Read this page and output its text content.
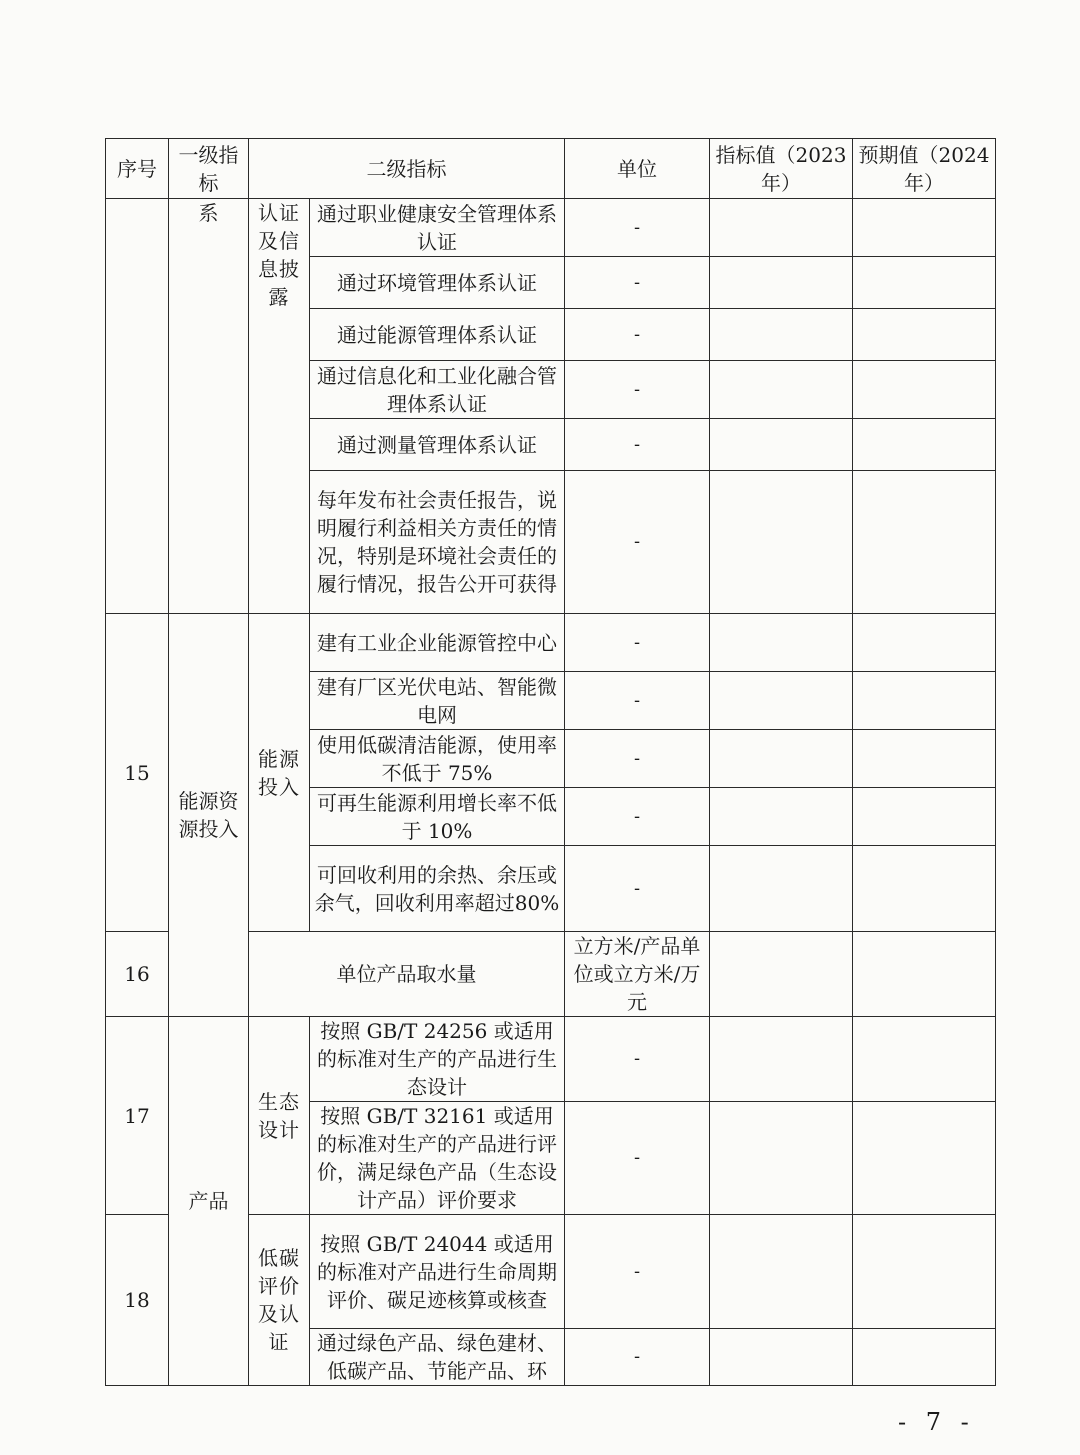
序号	一级指标	二级指标		单位	指标值（2023年）	预期值（2024年）
	系	认证及信息披露	通过职业健康安全管理体系认证	-		
			通过环境管理体系认证	-		
			通过能源管理体系认证	-		
			通过信息化和工业化融合管理体系认证	-		
			通过测量管理体系认证	-		
			每年发布社会责任报告，说明履行利益相关方责任的情况，特别是环境社会责任的履行情况，报告公开可获得	-		
15	能源资源投入	能源投入	建有工业企业能源管控中心	-		
			建有厂区光伏电站、智能微电网	-		
			使用低碳清洁能源，使用率不低于 75%	-		
			可再生能源利用增长率不低于 10%	-		
			可回收利用的余热、余压或余气，回收利用率超过80%	-		
16		单位产品取水量		立方米/产品单位或立方米/万元		
17	产品	生态设计	按照 GB/T 24256 或适用的标准对生产的产品进行生态设计	-		
			按照 GB/T 32161 或适用的标准对生产的产品进行评价，满足绿色产品（生态设计产品）评价要求	-		
18		低碳评价及认证	按照 GB/T 24044 或适用的标准对产品进行生命周期评价、碳足迹核算或核查	-		
			通过绿色产品、绿色建材、低碳产品、节能产品、环	-		
- 7 -
